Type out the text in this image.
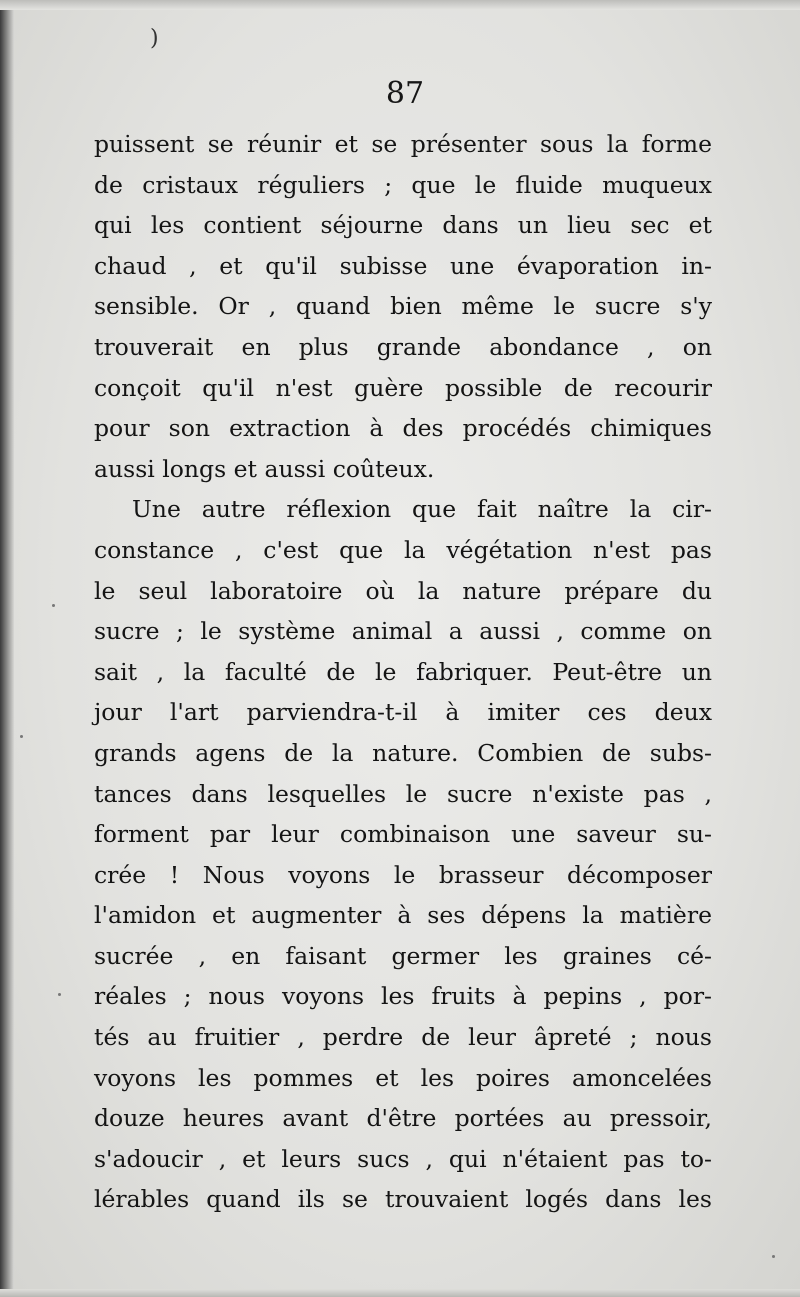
)
87
puissent se réunir et se présenter sous la forme
de cristaux réguliers ; que le fluide muqueux
qui les contient séjourne dans un lieu sec et
chaud , et qu'il subisse une évaporation in-
sensible. Or , quand bien même le sucre s'y
trouverait en plus grande abondance , on
conçoit qu'il n'est guère possible de recourir
pour son extraction à des procédés chimiques
aussi longs et aussi coûteux.
Une autre réflexion que fait naître la cir-
constance , c'est que la végétation n'est pas
le seul laboratoire où la nature prépare du
sucre ; le système animal a aussi , comme on
sait , la faculté de le fabriquer. Peut-être un
jour l'art parviendra-t-il à imiter ces deux
grands agens de la nature. Combien de subs-
tances dans lesquelles le sucre n'existe pas ,
forment par leur combinaison une saveur su-
crée ! Nous voyons le brasseur décomposer
l'amidon et augmenter à ses dépens la matière
sucrée , en faisant germer les graines cé-
réales ; nous voyons les fruits à pepins , por-
tés au fruitier , perdre de leur âpreté ; nous
voyons les pommes et les poires amoncelées
douze heures avant d'être portées au pressoir,
s'adoucir , et leurs sucs , qui n'étaient pas to-
lérables quand ils se trouvaient logés dans les
